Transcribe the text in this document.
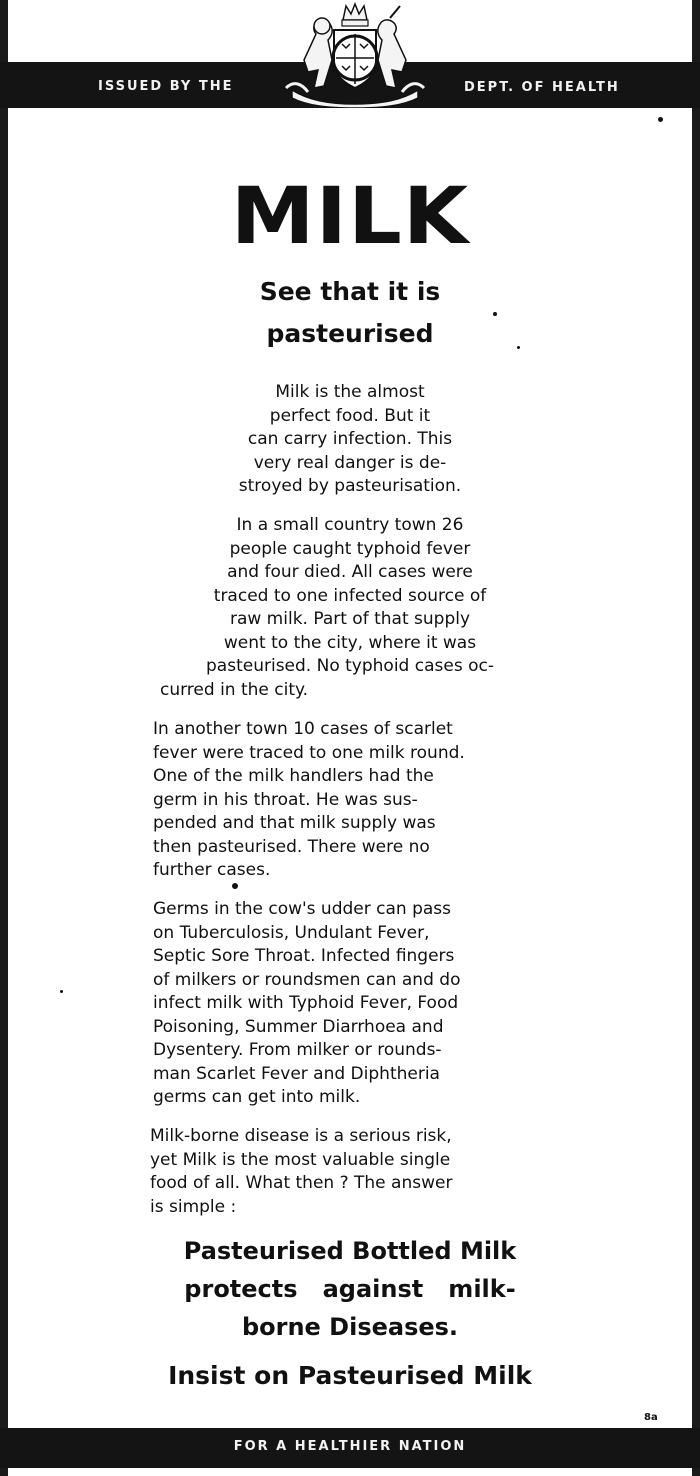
ISSUED BY THE	DEPT. OF HEALTH
MILK
See that it is
pasteurised
Milk is the almost
perfect food. But it
can carry infection. This
very real danger is de-
stroyed by pasteurisation.
In a small country town 26
people caught typhoid fever
and four died. All cases were
traced to one infected source of
raw milk. Part of that supply
went to the city, where it was
pasteurised. No typhoid cases oc-
curred in the city.
In another town 10 cases of scarlet
fever were traced to one milk round.
One of the milk handlers had the
germ in his throat. He was sus-
pended and that milk supply was
then pasteurised. There were no
further cases.
Germs in the cow's udder can pass
on Tuberculosis, Undulant Fever,
Septic Sore Throat. Infected fingers
of milkers or roundsmen can and do
infect milk with Typhoid Fever, Food
Poisoning, Summer Diarrhoea and
Dysentery. From milker or rounds-
man Scarlet Fever and Diphtheria
germs can get into milk.
Milk-borne disease is a serious risk,
yet Milk is the most valuable single
food of all. What then ? The answer
is simple :
Pasteurised Bottled Milk
protects   against   milk-
borne Diseases.
Insist on Pasteurised Milk
8a
FOR A HEALTHIER NATION
